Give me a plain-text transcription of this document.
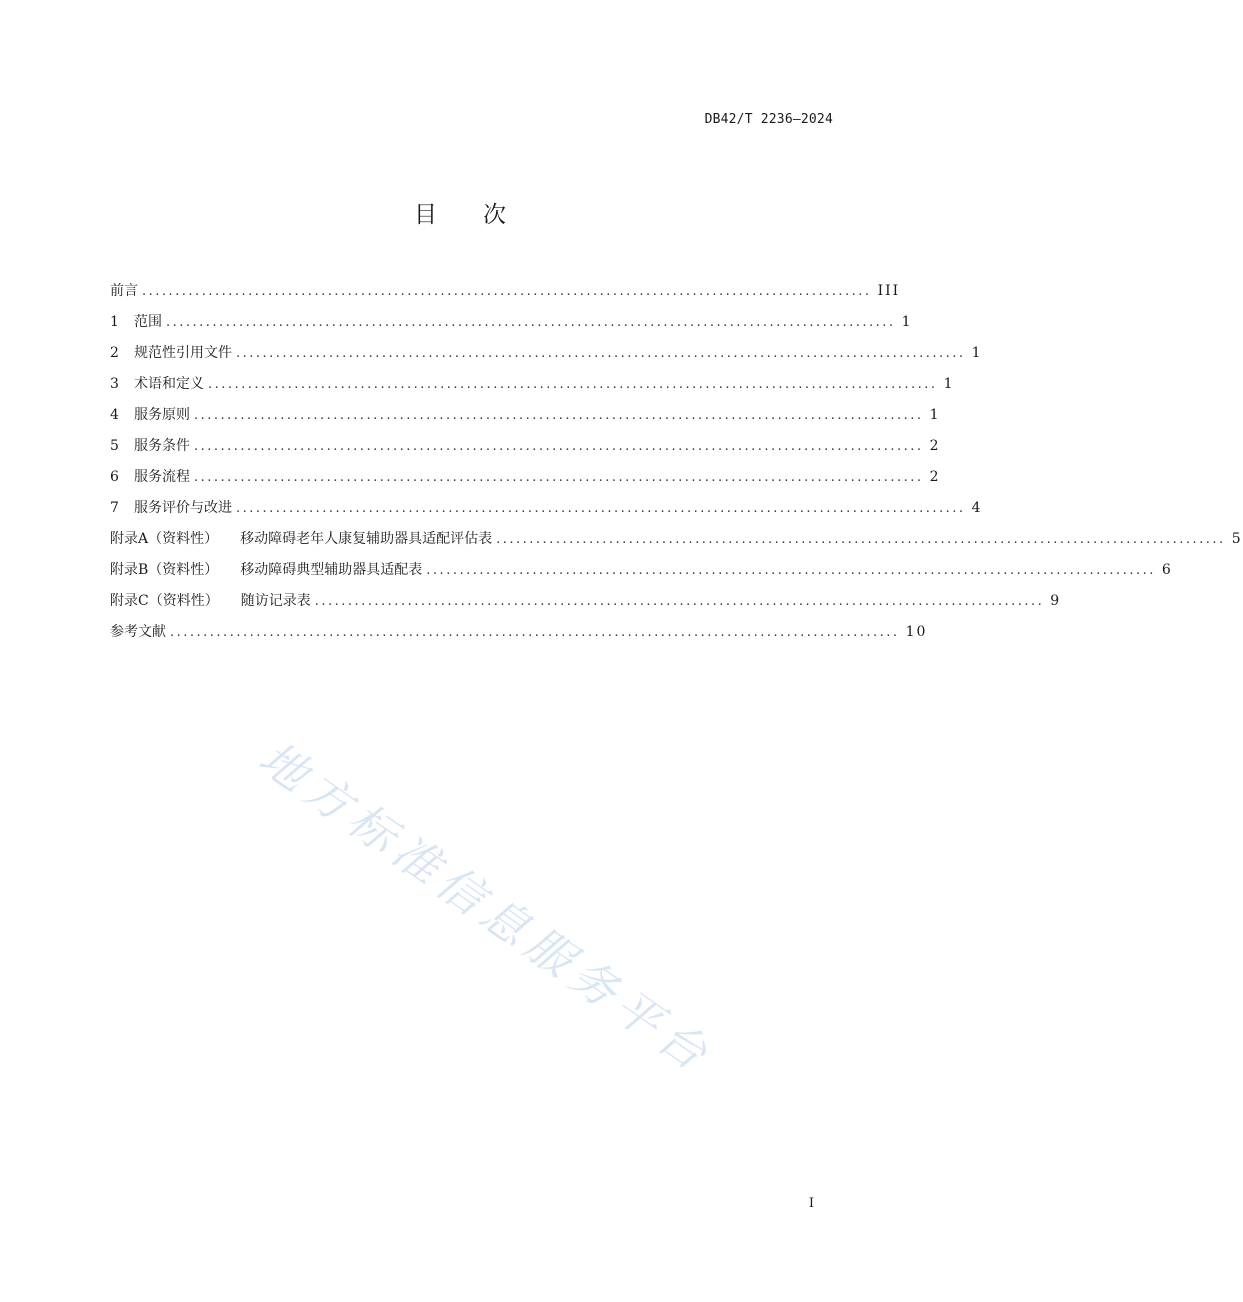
DB42/T 2236—2024
目次
前言 .............................................................................................................. III
1	范围 .............................................................................................................. 1
2	规范性引用文件 .............................................................................................................. 1
3	术语和定义 .............................................................................................................. 1
4	服务原则 .............................................................................................................. 1
5	服务条件 .............................................................................................................. 2
6	服务流程 .............................................................................................................. 2
7	服务评价与改进 .............................................................................................................. 4
附录A（资料性） 移动障碍老年人康复辅助器具适配评估表 .............................................................................................................. 5
附录B（资料性） 移动障碍典型辅助器具适配表 .............................................................................................................. 6
附录C（资料性） 随访记录表 .............................................................................................................. 9
参考文献 .............................................................................................................. 10
地方标准信息服务平台
I
